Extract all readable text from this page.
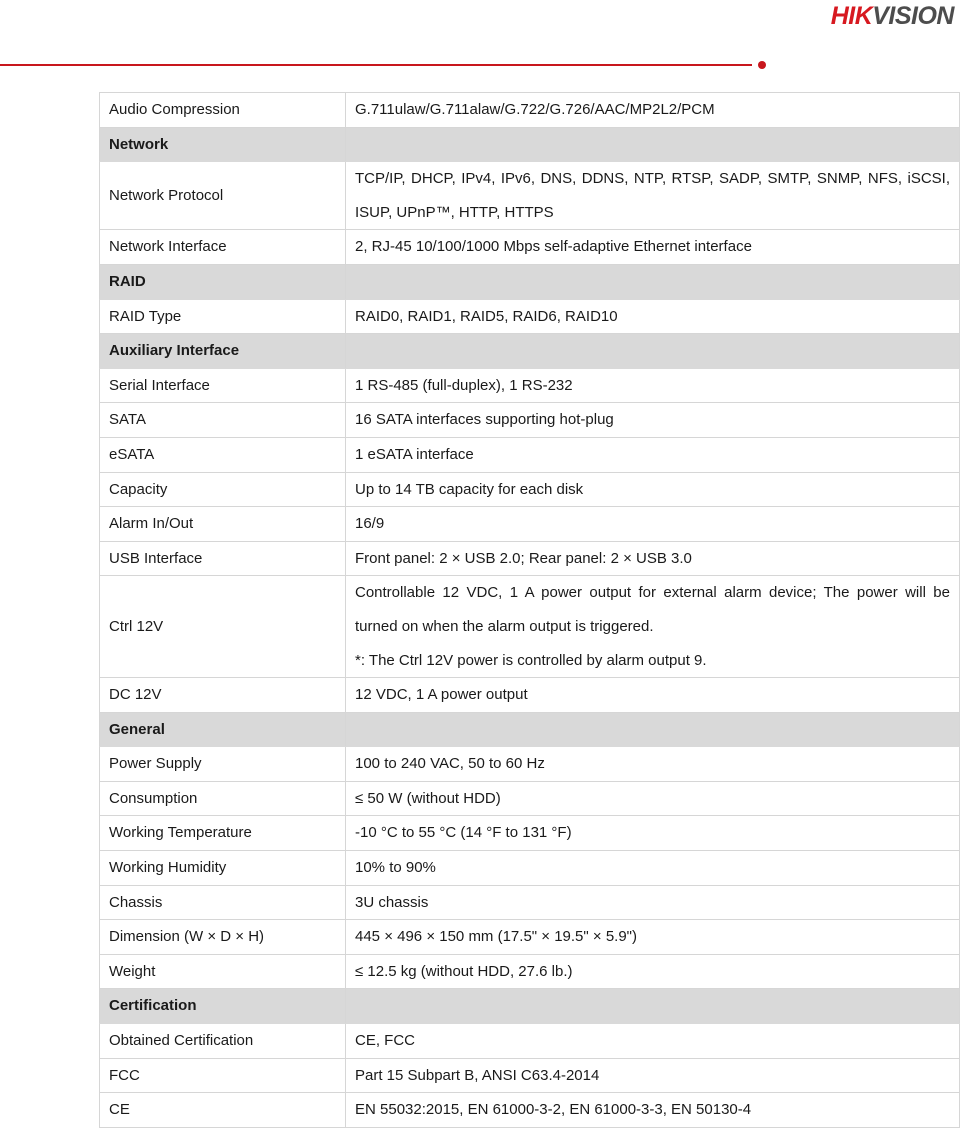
HIKVISION
Audio Compression	G.711ulaw/G.711alaw/G.722/G.726/AAC/MP2L2/PCM

Network	
Network Protocol	TCP/IP, DHCP, IPv4, IPv6, DNS, DDNS, NTP, RTSP, SADP, SMTP, SNMP, NFS, iSCSI, ISUP, UPnP™, HTTP, HTTPS

Network Interface	2, RJ-45 10/100/1000 Mbps self-adaptive Ethernet interface

RAID	
RAID Type	RAID0, RAID1, RAID5, RAID6, RAID10

Auxiliary Interface	
Serial Interface	1 RS-485 (full-duplex), 1 RS-232

SATA	16 SATA interfaces supporting hot-plug

eSATA	1 eSATA interface

Capacity	Up to 14 TB capacity for each disk

Alarm In/Out	16/9

USB Interface	Front panel: 2 × USB 2.0; Rear panel: 2 × USB 3.0

Ctrl 12V	Controllable 12 VDC, 1 A power output for external alarm device; The power will be turned on when the alarm output is triggered.

*: The Ctrl 12V power is controlled by alarm output 9.

DC 12V	12 VDC, 1 A power output

General	
Power Supply	100 to 240 VAC, 50 to 60 Hz

Consumption	≤ 50 W (without HDD)

Working Temperature	-10 °C to 55 °C (14 °F to 131 °F)

Working Humidity	10% to 90%

Chassis	3U chassis

Dimension (W × D × H)	445 × 496 × 150 mm (17.5" × 19.5" × 5.9")

Weight	≤ 12.5 kg (without HDD, 27.6 lb.)

Certification	
Obtained Certification	CE, FCC

FCC	Part 15 Subpart B, ANSI C63.4-2014

CE	EN 55032:2015, EN 61000-3-2, EN 61000-3-3, EN 50130-4
